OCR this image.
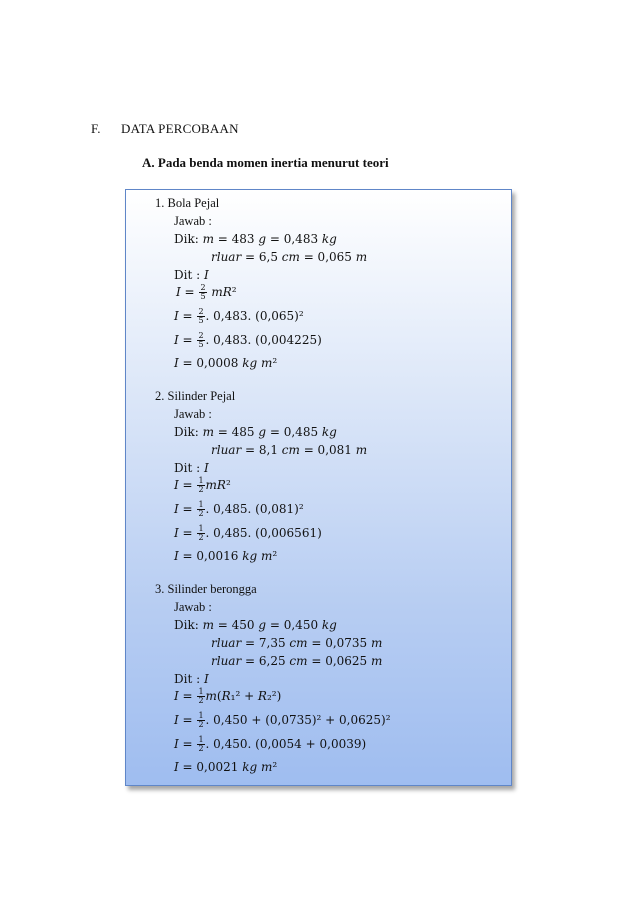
F. DATA PERCOBAAN
A. Pada benda momen inertia menurut teori
1. Bola Pejal
Jawab :
Dik: 𝑚 = 483 𝑔 = 0,483 𝑘𝑔
𝑟𝑙𝑢𝑎𝑟 = 6,5 𝑐𝑚 = 0,065 𝑚
Dit : 𝐼
𝐼 = $\frac{2}{5}$ 𝑚𝑅²
𝐼 = $\frac{2}{5}$ . 0,483. (0,065)²
𝐼 = $\frac{2}{5}$ . 0,483. (0,004225)
𝐼 = 0,0008 𝑘𝑔 𝑚²
2. Silinder Pejal
Jawab :
Dik: 𝑚 = 485 𝑔 = 0,485 𝑘𝑔
𝑟𝑙𝑢𝑎𝑟 = 8,1 𝑐𝑚 = 0,081 𝑚
Dit : 𝐼
𝐼 = $\frac{1}{2}$ 𝑚𝑅²
𝐼 = $\frac{1}{2}$ . 0,485. (0,081)²
𝐼 = $\frac{1}{2}$ . 0,485. (0,006561)
𝐼 = 0,0016 𝑘𝑔 𝑚²
3. Silinder berongga
Jawab :
Dik: 𝑚 = 450 𝑔 = 0,450 𝑘𝑔
𝑟𝑙𝑢𝑎𝑟 = 7,35 𝑐𝑚 = 0,0735 𝑚
𝑟𝑙𝑢𝑎𝑟 = 6,25 𝑐𝑚 = 0,0625 𝑚
Dit : 𝐼
𝐼 = $\frac{1}{2}$ 𝑚(𝑅₁² + 𝑅₂²)
𝐼 = $\frac{1}{2}$ . 0,450 + (0,0735)² + 0,0625)²
𝐼 = $\frac{1}{2}$ . 0,450. (0,0054 + 0,0039)
𝐼 = 0,0021 𝑘𝑔 𝑚²
